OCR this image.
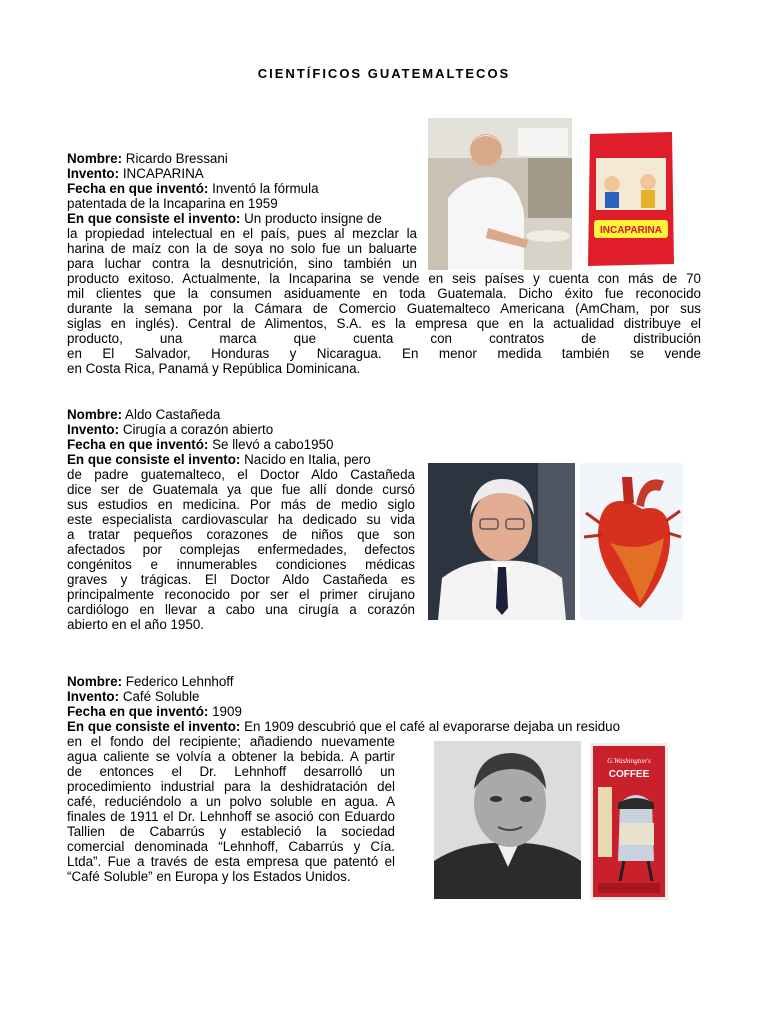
CIENTÍFICOS GUATEMALTECOS
Nombre: Ricardo Bressani
Invento: INCAPARINA
Fecha en que inventó: Inventó la fórmula
patentada de la Incaparina en 1959
En que consiste el invento: Un producto insigne de
la propiedad intelectual en el país, pues al mezclar la
harina de maíz con la de soya no solo fue un baluarte
para luchar contra la desnutrición, sino también un
producto exitoso. Actualmente, la Incaparina se vende en seis países y cuenta con más de 70
mil clientes que la consumen asiduamente en toda Guatemala. Dicho éxito fue reconocido
durante la semana por la Cámara de Comercio Guatemalteco Americana (AmCham, por sus
siglas en inglés). Central de Alimentos, S.A. es la empresa que en la actualidad distribuye el
producto, una marca que cuenta con contratos de distribución
en El Salvador, Honduras y Nicaragua. En menor medida también se vende
en Costa Rica, Panamá y República Dominicana.
INCAPARINA
Nombre: Aldo Castañeda
Invento: Cirugía a corazón abierto
Fecha en que inventó: Se llevó a cabo1950
En que consiste el invento: Nacido en Italia, pero
de padre guatemalteco, el Doctor Aldo Castañeda
dice ser de Guatemala ya que fue allí donde cursó
sus estudios en medicina. Por más de medio siglo
este especialista cardiovascular ha dedicado su vida
a tratar pequeños corazones de niños que son
afectados por complejas enfermedades, defectos
congénitos e innumerables condiciones médicas
graves y trágicas. El Doctor Aldo Castañeda es
principalmente reconocido por ser el primer cirujano
cardiólogo en llevar a cabo una cirugía a corazón
abierto en el año 1950.
Nombre: Federico Lehnhoff
Invento: Café Soluble
Fecha en que inventó: 1909
En que consiste el invento: En 1909 descubrió que el café al evaporarse dejaba un residuo
en el fondo del recipiente; añadiendo nuevamente
agua caliente se volvía a obtener la bebida. A partir
de entonces el Dr. Lehnhoff desarrolló un
procedimiento industrial para la deshidratación del
café, reduciéndolo a un polvo soluble en agua. A
finales de 1911 el Dr. Lehnhoff se asoció con Eduardo
Tallien de Cabarrús y estableció la sociedad
comercial denominada “Lehnhoff, Cabarrús y Cía.
Ltda”. Fue a través de esta empresa que patentó el
“Café Soluble” en Europa y los Estados Unidos.
G.Washington's
COFFEE
